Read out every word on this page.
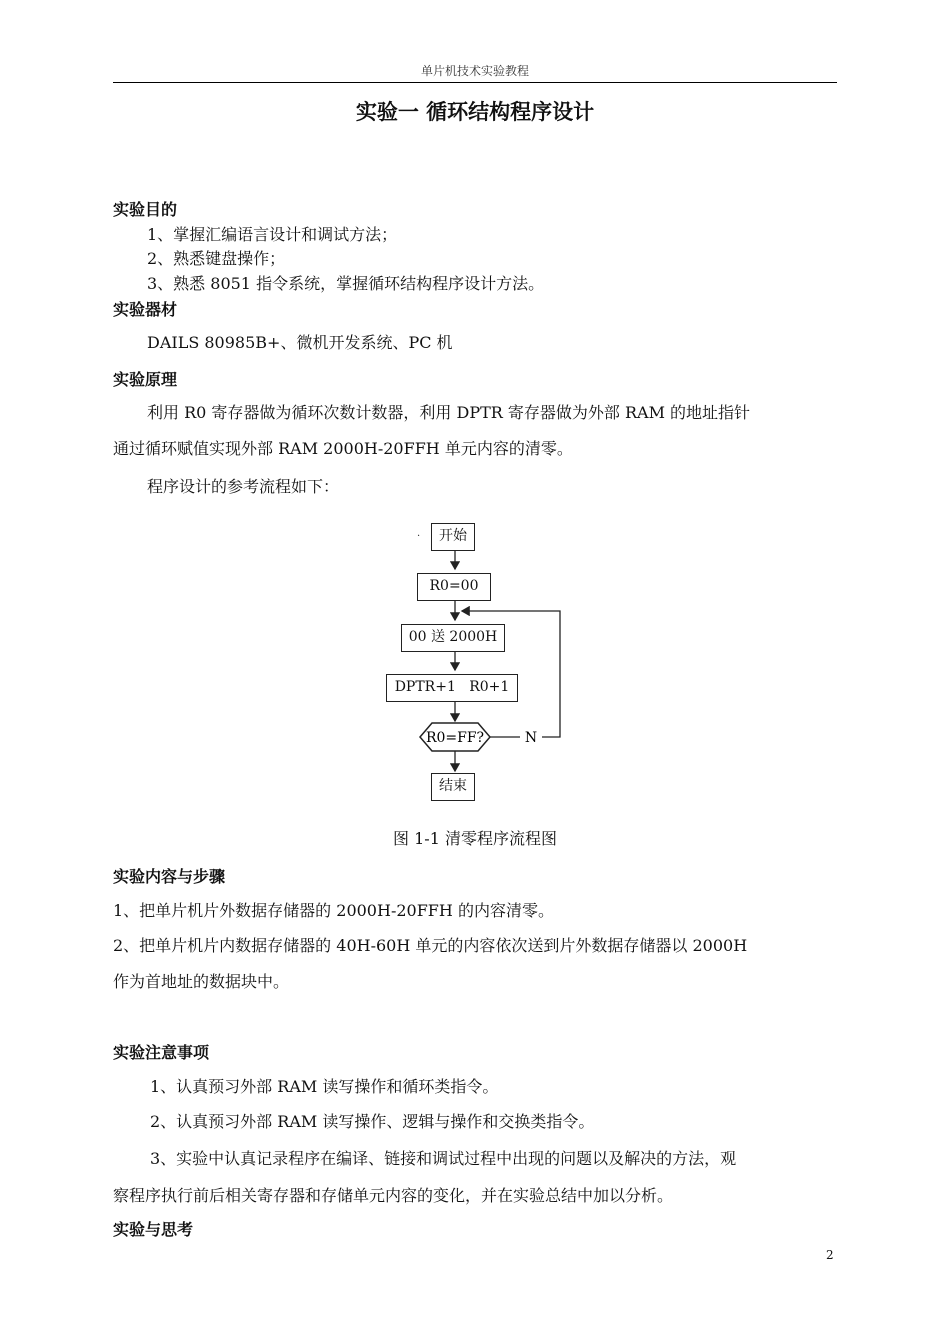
单片机技术实验教程
实验一 循环结构程序设计
实验目的
1、掌握汇编语言设计和调试方法；
2、熟悉键盘操作；
3、熟悉 8051 指令系统，掌握循环结构程序设计方法。
实验器材
DAILS 80985B+、微机开发系统、PC 机
实验原理
利用 R0 寄存器做为循环次数计数器，利用 DPTR 寄存器做为外部 RAM 的地址指针
通过循环赋值实现外部 RAM 2000H-20FFH 单元内容的清零。
程序设计的参考流程如下：
R0=FF?	N
·	开始
R0=00
00 送 2000H
DPTR+1   R0+1
结束
图 1-1 清零程序流程图
实验内容与步骤
1、把单片机片外数据存储器的 2000H-20FFH 的内容清零。
2、把单片机片内数据存储器的 40H-60H 单元的内容依次送到片外数据存储器以 2000H
作为首地址的数据块中。
实验注意事项
1、认真预习外部 RAM 读写操作和循环类指令。
2、认真预习外部 RAM 读写操作、逻辑与操作和交换类指令。
3、实验中认真记录程序在编译、链接和调试过程中出现的问题以及解决的方法，观
察程序执行前后相关寄存器和存储单元内容的变化，并在实验总结中加以分析。
实验与思考
2
